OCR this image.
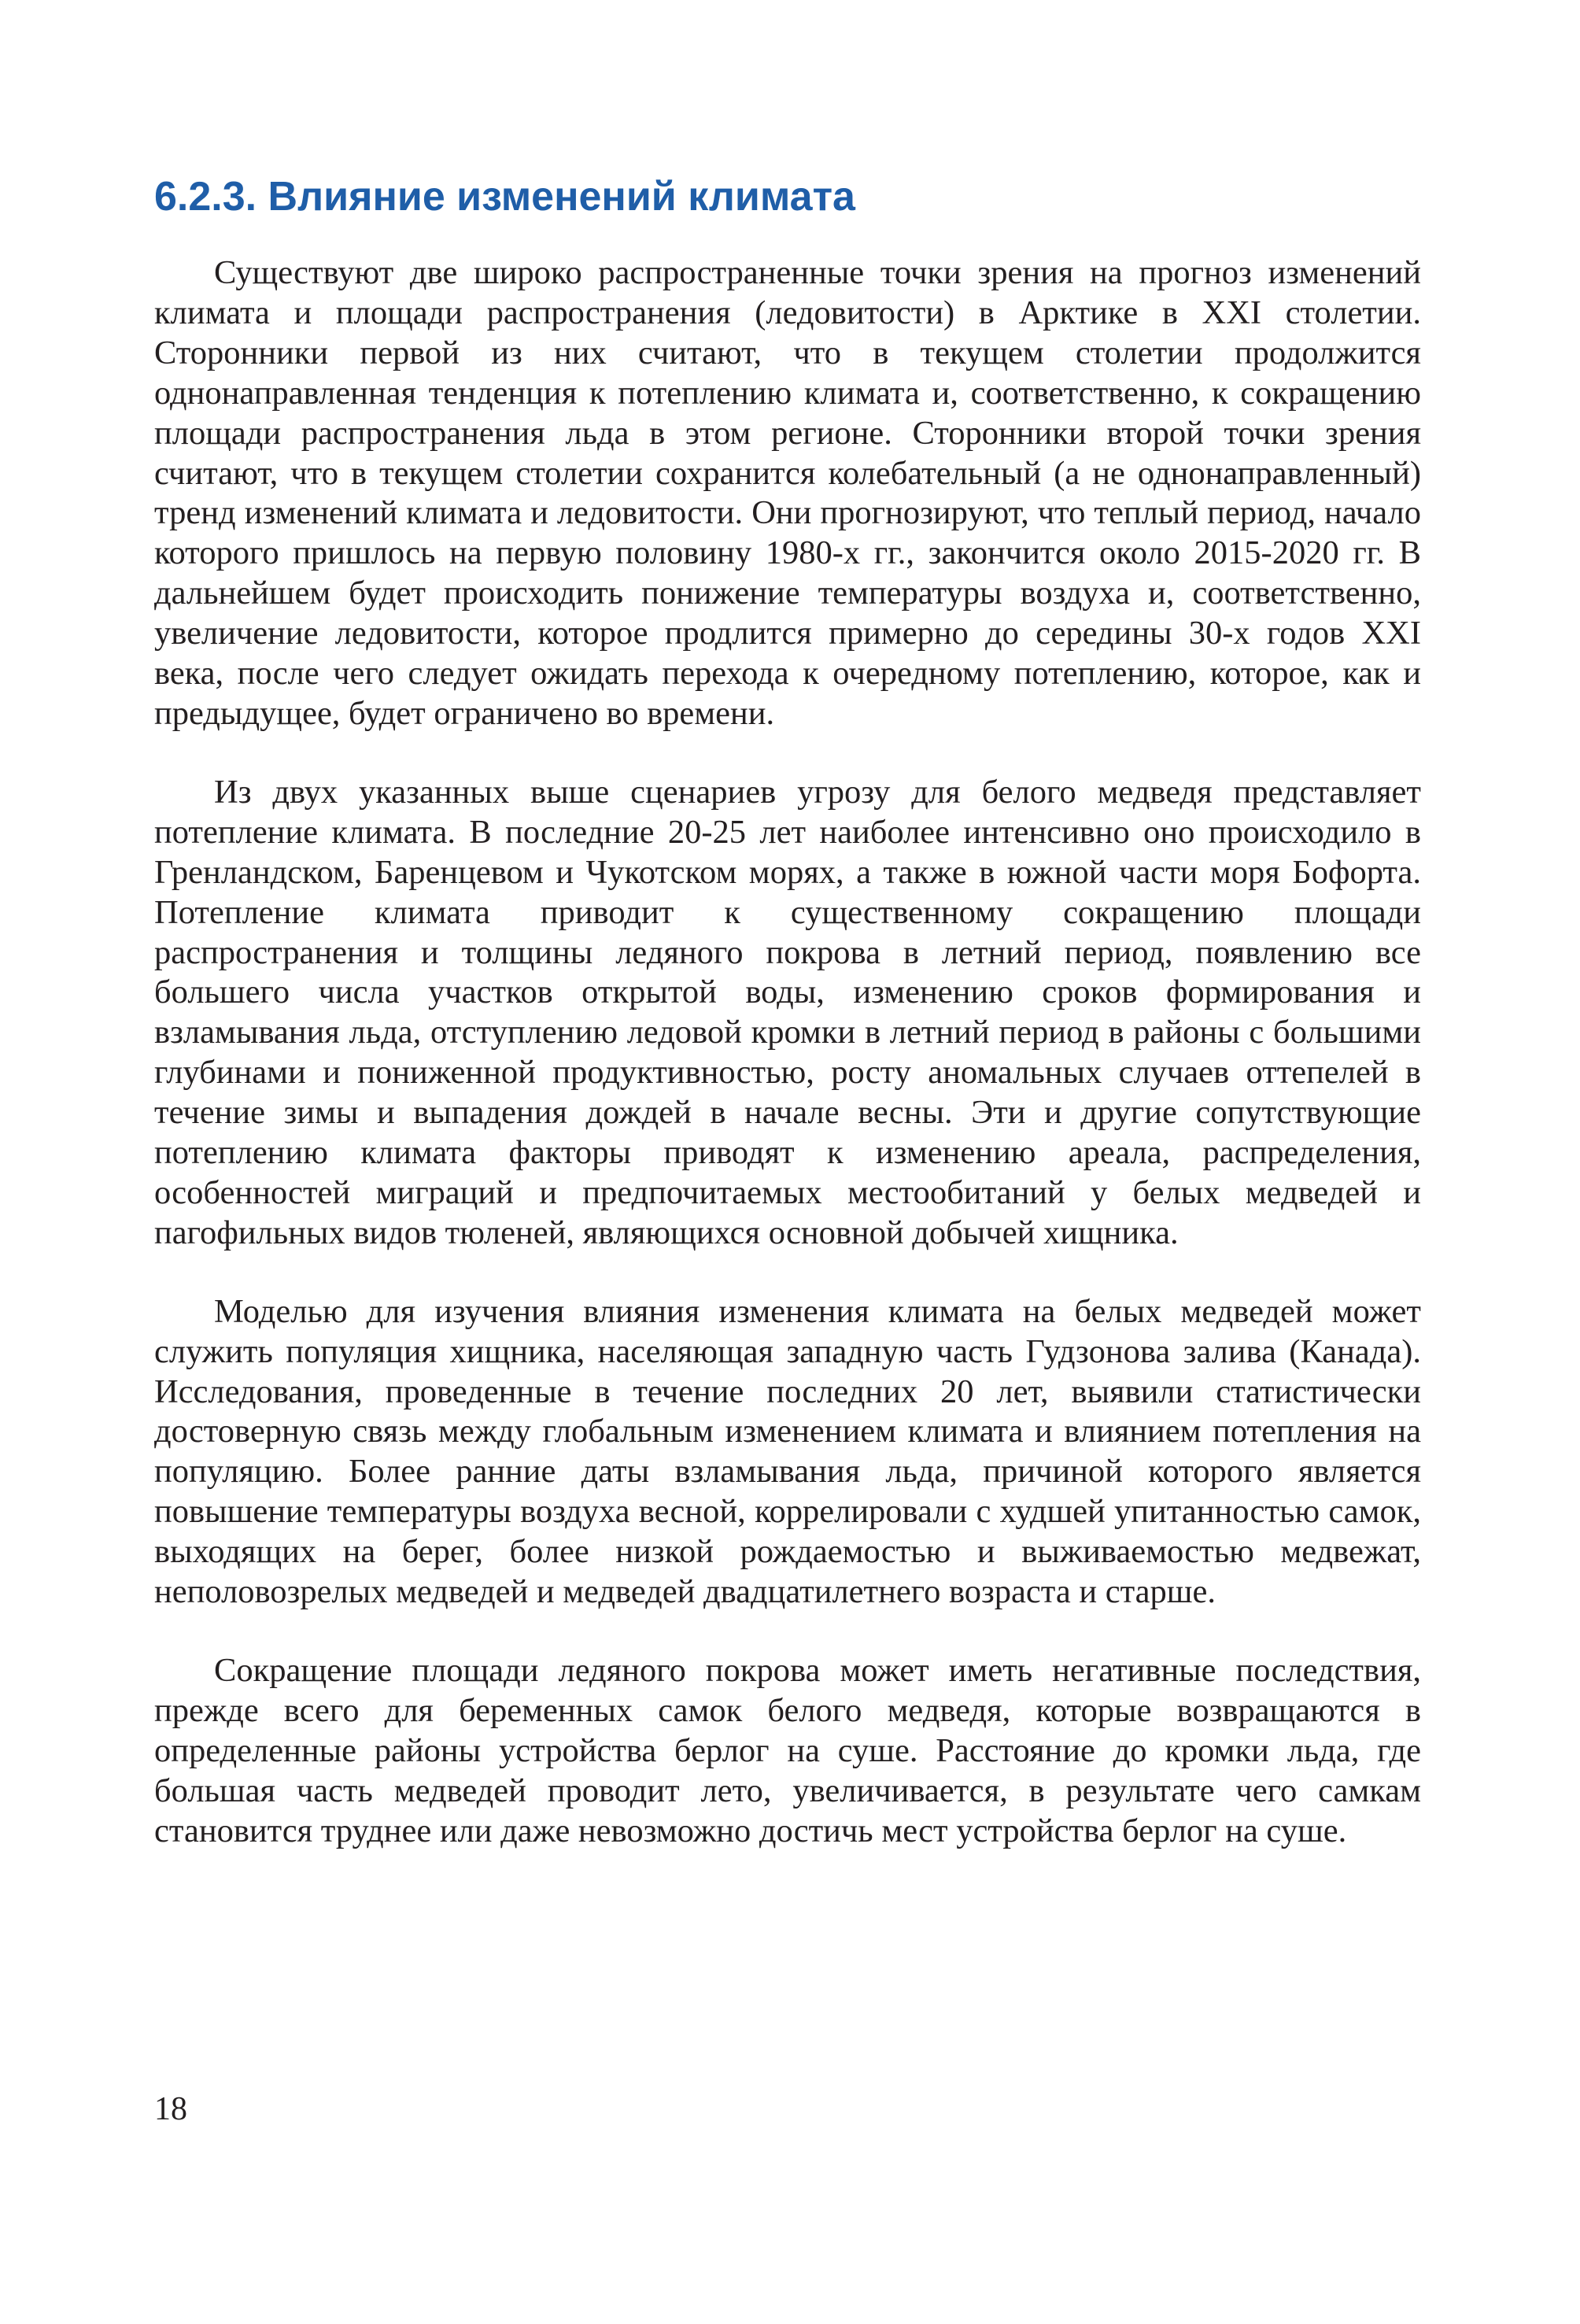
6.2.3. Влияние изменений климата

Существуют две широко распространенные точки зрения на прогноз изменений климата и площади распространения (ледовитости) в Арктике в XXI столетии. Сторонники первой из них считают, что в текущем столетии продолжится однонаправленная тенденция к потеплению климата и, соответственно, к сокращению площади распространения льда в этом регионе. Сторонники второй точки зрения считают, что в текущем столетии сохранится колебательный (а не однонаправленный) тренд изменений климата и ледовитости. Они прогнозируют, что теплый период, начало которого пришлось на первую половину 1980-х гг., закончится около 2015-2020 гг. В дальнейшем будет происходить понижение температуры воздуха и, соответственно, увеличение ледовитости, которое продлится примерно до середины 30-х годов XXI века, после чего следует ожидать перехода к очередному потеплению, которое, как и предыдущее, будет ограничено во времени.

Из двух указанных выше сценариев угрозу для белого медведя представляет потепление климата. В последние 20-25 лет наиболее интенсивно оно происходило в Гренландском, Баренцевом и Чукотском морях, а также в южной части моря Бофорта. Потепление климата приводит к существенному сокращению площади распространения и толщины ледяного покрова в летний период, появлению все большего числа участков открытой воды, изменению сроков формирования и взламывания льда, отступлению ледовой кромки в летний период в районы с большими глубинами и пониженной продуктивностью, росту аномальных случаев оттепелей в течение зимы и выпадения дождей в начале весны. Эти и другие сопутствующие потеплению климата факторы приводят к изменению ареала, распределения, особенностей миграций и предпочитаемых местообитаний у белых медведей и пагофильных видов тюленей, являющихся основной добычей хищника.

Моделью для изучения влияния изменения климата на белых медведей может служить популяция хищника, населяющая западную часть Гудзонова залива (Канада). Исследования, проведенные в течение последних 20 лет, выявили статистически достоверную связь между глобальным изменением климата и влиянием потепления на популяцию. Более ранние даты взламывания льда, причиной которого является повышение температуры воздуха весной, коррелировали с худшей упитанностью самок, выходящих на берег, более низкой рождаемостью и выживаемостью медвежат, неполовозрелых медведей и медведей двадцатилетнего возраста и старше.

Сокращение площади ледяного покрова может иметь негативные последствия, прежде всего для беременных самок белого медведя, которые возвращаются в определенные районы устройства берлог на суше. Расстояние до кромки льда, где большая часть медведей проводит лето, увеличивается, в результате чего самкам становится труднее или даже невозможно достичь мест устройства берлог на суше.

18
